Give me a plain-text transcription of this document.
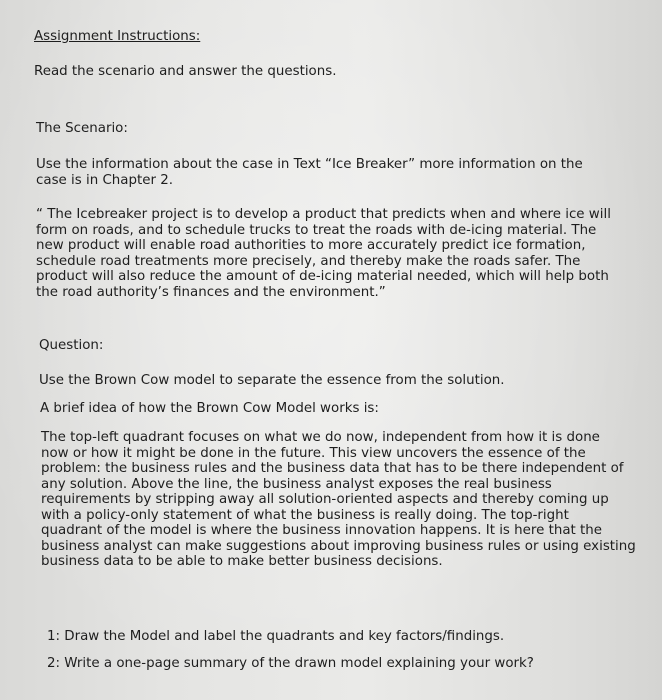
Assignment Instructions:

Read the scenario and answer the questions.

The Scenario:

Use the information about the case in Text “Ice Breaker” more information on the
case is in Chapter 2.
“ The Icebreaker project is to develop a product that predicts when and where ice will
form on roads, and to schedule trucks to treat the roads with de-icing material. The
new product will enable road authorities to more accurately predict ice formation,
schedule road treatments more precisely, and thereby make the roads safer. The
product will also reduce the amount of de-icing material needed, which will help both
the road authority’s finances and the environment.”

Question:

Use the Brown Cow model to separate the essence from the solution.

A brief idea of how the Brown Cow Model works is:

The top-left quadrant focuses on what we do now, independent from how it is done
now or how it might be done in the future. This view uncovers the essence of the
problem: the business rules and the business data that has to be there independent of
any solution. Above the line, the business analyst exposes the real business
requirements by stripping away all solution-oriented aspects and thereby coming up
with a policy-only statement of what the business is really doing. The top-right
quadrant of the model is where the business innovation happens. It is here that the
business analyst can make suggestions about improving business rules or using existing
business data to be able to make better business decisions.

1: Draw the Model and label the quadrants and key factors/findings.

2: Write a one-page summary of the drawn model explaining your work?
